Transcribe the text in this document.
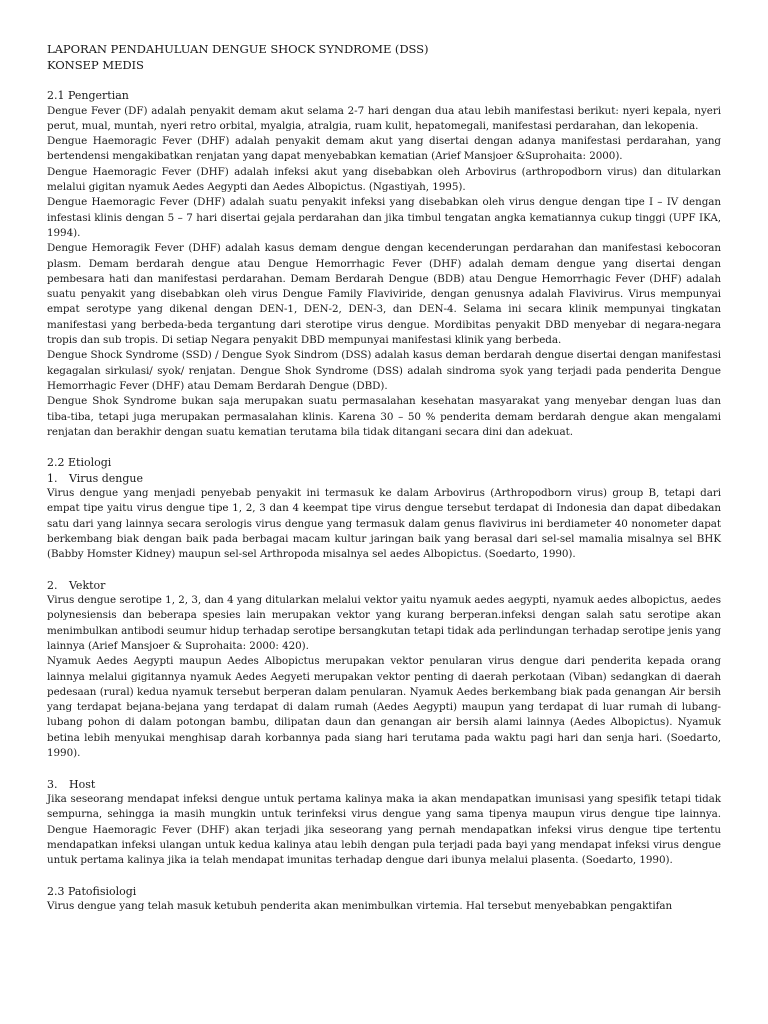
LAPORAN PENDAHULUAN DENGUE SHOCK SYNDROME (DSS)
KONSEP MEDIS
2.1 Pengertian

Dengue Fever (DF) adalah penyakit demam akut selama 2-7 hari dengan dua atau lebih manifestasi berikut: nyeri kepala, nyeri perut, mual, muntah, nyeri retro orbital, myalgia, atralgia, ruam kulit, hepatomegali, manifestasi perdarahan, dan lekopenia.

Dengue Haemoragic Fever (DHF) adalah penyakit demam akut yang disertai dengan adanya manifestasi perdarahan, yang bertendensi mengakibatkan renjatan yang dapat menyebabkan kematian (Arief Mansjoer &Suprohaita: 2000).

Dengue Haemoragic Fever (DHF) adalah infeksi akut yang disebabkan oleh Arbovirus (arthropodborn virus) dan ditularkan melalui gigitan nyamuk Aedes Aegypti dan Aedes Albopictus. (Ngastiyah, 1995).

Dengue Haemoragic Fever (DHF) adalah suatu penyakit infeksi yang disebabkan oleh virus dengue dengan tipe I – IV dengan infestasi klinis dengan 5 – 7 hari disertai gejala perdarahan dan jika timbul tengatan angka kematiannya cukup tinggi (UPF IKA, 1994).

Dengue Hemoragik Fever (DHF) adalah kasus demam dengue dengan kecenderungan perdarahan dan manifestasi kebocoran plasm. Demam berdarah dengue atau Dengue Hemorrhagic Fever (DHF) adalah demam dengue yang disertai dengan pembesara hati dan manifestasi perdarahan. Demam Berdarah Dengue (BDB) atau Dengue Hemorrhagic Fever (DHF) adalah suatu penyakit yang disebabkan oleh virus Dengue Family Flaviviride, dengan genusnya adalah Flavivirus. Virus mempunyai empat serotype yang dikenal dengan DEN-1, DEN-2, DEN-3, dan DEN-4. Selama ini secara klinik mempunyai tingkatan manifestasi yang berbeda-beda tergantung dari sterotipe virus dengue. Mordibitas penyakit DBD menyebar di negara-negara tropis dan sub tropis. Di setiap Negara penyakit DBD mempunyai manifestasi klinik yang berbeda.

Dengue Shock Syndrome (SSD) / Dengue Syok Sindrom (DSS) adalah kasus deman berdarah dengue disertai dengan manifestasi kegagalan sirkulasi/ syok/ renjatan. Dengue Shok Syndrome (DSS) adalah sindroma syok yang terjadi pada penderita Dengue Hemorrhagic Fever (DHF) atau Demam Berdarah Dengue (DBD).

Dengue Shok Syndrome bukan saja merupakan suatu permasalahan kesehatan masyarakat yang menyebar dengan luas dan tiba-tiba, tetapi juga merupakan permasalahan klinis. Karena 30 – 50 % penderita demam berdarah dengue akan mengalami renjatan dan berakhir dengan suatu kematian terutama bila tidak ditangani secara dini dan adekuat.

2.2 Etiologi
1. Virus dengue

Virus dengue yang menjadi penyebab penyakit ini termasuk ke dalam Arbovirus (Arthropodborn virus) group B, tetapi dari empat tipe yaitu virus dengue tipe 1, 2, 3 dan 4 keempat tipe virus dengue tersebut terdapat di Indonesia dan dapat dibedakan satu dari yang lainnya secara serologis virus dengue yang termasuk dalam genus flavivirus ini berdiameter 40 nonometer dapat berkembang biak dengan baik pada berbagai macam kultur jaringan baik yang berasal dari sel-sel mamalia misalnya sel BHK (Babby Homster Kidney) maupun sel-sel Arthropoda misalnya sel aedes Albopictus. (Soedarto, 1990).

2. Vektor

Virus dengue serotipe 1, 2, 3, dan 4 yang ditularkan melalui vektor yaitu nyamuk aedes aegypti, nyamuk aedes albopictus, aedes polynesiensis dan beberapa spesies lain merupakan vektor yang kurang berperan.infeksi dengan salah satu serotipe akan menimbulkan antibodi seumur hidup terhadap serotipe bersangkutan tetapi tidak ada perlindungan terhadap serotipe jenis yang lainnya (Arief Mansjoer & Suprohaita: 2000: 420).

Nyamuk Aedes Aegypti maupun Aedes Albopictus merupakan vektor penularan virus dengue dari penderita kepada orang lainnya melalui gigitannya nyamuk Aedes Aegyeti merupakan vektor penting di daerah perkotaan (Viban) sedangkan di daerah pedesaan (rural) kedua nyamuk tersebut berperan dalam penularan. Nyamuk Aedes berkembang biak pada genangan Air bersih yang terdapat bejana-bejana yang terdapat di dalam rumah (Aedes Aegypti) maupun yang terdapat di luar rumah di lubang-lubang pohon di dalam potongan bambu, dilipatan daun dan genangan air bersih alami lainnya (Aedes Albopictus). Nyamuk betina lebih menyukai menghisap darah korbannya pada siang hari terutama pada waktu pagi hari dan senja hari. (Soedarto, 1990).

3. Host

Jika seseorang mendapat infeksi dengue untuk pertama kalinya maka ia akan mendapatkan imunisasi yang spesifik tetapi tidak sempurna, sehingga ia masih mungkin untuk terinfeksi virus dengue yang sama tipenya maupun virus dengue tipe lainnya. Dengue Haemoragic Fever (DHF) akan terjadi jika seseorang yang pernah mendapatkan infeksi virus dengue tipe tertentu mendapatkan infeksi ulangan untuk kedua kalinya atau lebih dengan pula terjadi pada bayi yang mendapat infeksi virus dengue untuk pertama kalinya jika ia telah mendapat imunitas terhadap dengue dari ibunya melalui plasenta. (Soedarto, 1990).

2.3 Patofisiologi

Virus dengue yang telah masuk ketubuh penderita akan menimbulkan virtemia. Hal tersebut menyebabkan pengaktifan
